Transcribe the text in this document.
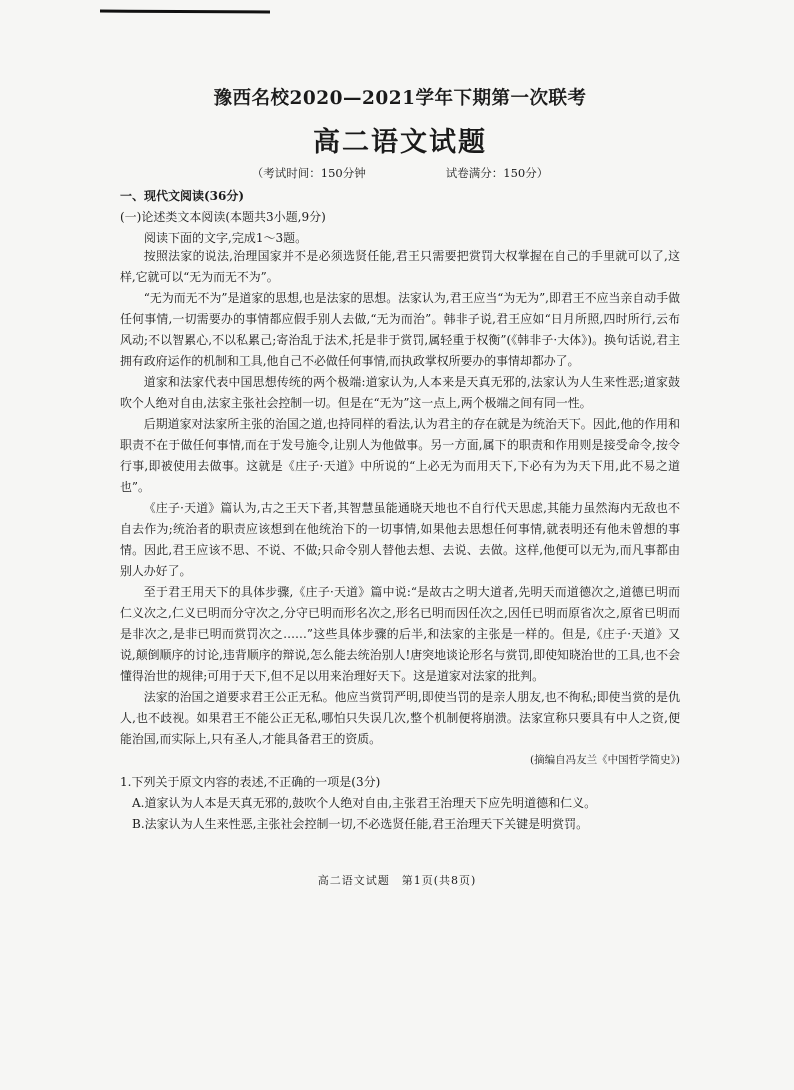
豫西名校2020—2021学年下期第一次联考
高二语文试题
（考试时间：150分钟	试卷满分：150分）
一、现代文阅读(36分)
(一)论述类文本阅读(本题共3小题,9分)
阅读下面的文字,完成1～3题。

按照法家的说法,治理国家并不是必须选贤任能,君王只需要把赏罚大权掌握在自己的手里就可以了,这样,它就可以“无为而无不为”。

“无为而无不为”是道家的思想,也是法家的思想。法家认为,君王应当“为无为”,即君王不应当亲自动手做任何事情,一切需要办的事情都应假手别人去做,“无为而治”。韩非子说,君王应如“日月所照,四时所行,云布风动;不以智累心,不以私累己;寄治乱于法术,托是非于赏罚,属轻重于权衡”(《韩非子·大体》)。换句话说,君主拥有政府运作的机制和工具,他自己不必做任何事情,而执政掌权所要办的事情却都办了。

道家和法家代表中国思想传统的两个极端:道家认为,人本来是天真无邪的,法家认为人生来性恶;道家鼓吹个人绝对自由,法家主张社会控制一切。但是在“无为”这一点上,两个极端之间有同一性。

后期道家对法家所主张的治国之道,也持同样的看法,认为君主的存在就是为统治天下。因此,他的作用和职责不在于做任何事情,而在于发号施令,让别人为他做事。另一方面,属下的职责和作用则是接受命令,按令行事,即被使用去做事。这就是《庄子·天道》中所说的“上必无为而用天下,下必有为为天下用,此不易之道也”。

《庄子·天道》篇认为,古之王天下者,其智慧虽能通晓天地也不自行代天思虑,其能力虽然海内无敌也不自去作为;统治者的职责应该想到在他统治下的一切事情,如果他去思想任何事情,就表明还有他未曾想的事情。因此,君王应该不思、不说、不做;只命令别人替他去想、去说、去做。这样,他便可以无为,而凡事都由别人办好了。

至于君王用天下的具体步骤,《庄子·天道》篇中说:“是故古之明大道者,先明天而道德次之,道德已明而仁义次之,仁义已明而分守次之,分守已明而形名次之,形名已明而因任次之,因任已明而原省次之,原省已明而是非次之,是非已明而赏罚次之……”这些具体步骤的后半,和法家的主张是一样的。但是,《庄子·天道》又说,颠倒顺序的讨论,违背顺序的辩说,怎么能去统治别人!唐突地谈论形名与赏罚,即使知晓治世的工具,也不会懂得治世的规律;可用于天下,但不足以用来治理好天下。这是道家对法家的批判。

法家的治国之道要求君王公正无私。他应当赏罚严明,即使当罚的是亲人朋友,也不徇私;即使当赏的是仇人,也不歧视。如果君王不能公正无私,哪怕只失误几次,整个机制便将崩溃。法家宣称只要具有中人之资,便能治国,而实际上,只有圣人,才能具备君王的资质。

(摘编自冯友兰《中国哲学简史》)
1.下列关于原文内容的表述,不正确的一项是(3分)
A.道家认为人本是天真无邪的,鼓吹个人绝对自由,主张君王治理天下应先明道德和仁义。
B.法家认为人生来性恶,主张社会控制一切,不必选贤任能,君王治理天下关键是明赏罚。
高二语文试题　第1页(共8页)
